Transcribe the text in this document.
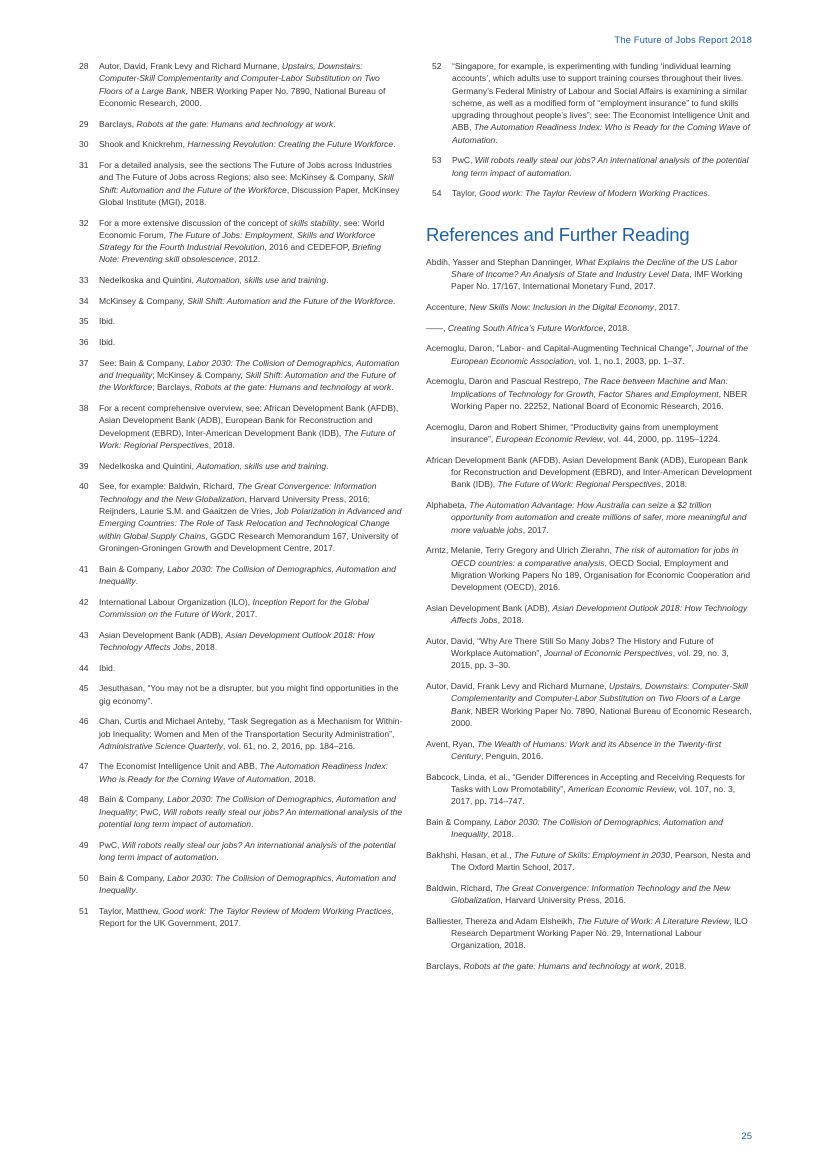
The Future of Jobs Report 2018
28	Autor, David, Frank Levy and Richard Murnane, Upstairs, Downstairs: Computer-Skill Complementarity and Computer-Labor Substitution on Two Floors of a Large Bank, NBER Working Paper No. 7890, National Bureau of Economic Research, 2000.
29	Barclays, Robots at the gate: Humans and technology at work.
30	Shook and Knickrehm, Harnessing Revolution: Creating the Future Workforce.
31	For a detailed analysis, see the sections The Future of Jobs across Industries and The Future of Jobs across Regions; also see: McKinsey & Company, Skill Shift: Automation and the Future of the Workforce, Discussion Paper, McKinsey Global Institute (MGI), 2018.
32	For a more extensive discussion of the concept of skills stability, see: World Economic Forum, The Future of Jobs: Employment, Skills and Workforce Strategy for the Fourth Industrial Revolution, 2016 and CEDEFOP, Briefing Note: Preventing skill obsolescence, 2012.
33	Nedelkoska and Quintini, Automation, skills use and training.
34	McKinsey & Company, Skill Shift: Automation and the Future of the Workforce.
35	Ibid.
36	Ibid.
37	See: Bain & Company, Labor 2030: The Collision of Demographics, Automation and Inequality; McKinsey & Company, Skill Shift: Automation and the Future of the Workforce; Barclays, Robots at the gate: Humans and technology at work.
38	For a recent comprehensive overview, see: African Development Bank (AFDB), Asian Development Bank (ADB), European Bank for Reconstruction and Development (EBRD), Inter-American Development Bank (IDB), The Future of Work: Regional Perspectives, 2018.
39	Nedelkoska and Quintini, Automation, skills use and training.
40	See, for example: Baldwin, Richard, The Great Convergence: Information Technology and the New Globalization, Harvard University Press, 2016; Reijnders, Laurie S.M. and Gaaitzen de Vries, Job Polarization in Advanced and Emerging Countries: The Role of Task Relocation and Technological Change within Global Supply Chains, GGDC Research Memorandum 167, University of Groningen-Groningen Growth and Development Centre, 2017.
41	Bain & Company, Labor 2030: The Collision of Demographics, Automation and Inequality.
42	International Labour Organization (ILO), Inception Report for the Global Commission on the Future of Work, 2017.
43	Asian Development Bank (ADB), Asian Development Outlook 2018: How Technology Affects Jobs, 2018.
44	Ibid.
45	Jesuthasan, “You may not be a disrupter, but you might find opportunities in the gig economy”.
46	Chan, Curtis and Michael Anteby, “Task Segregation as a Mechanism for Within-job Inequality: Women and Men of the Transportation Security Administration”, Administrative Science Quarterly, vol. 61, no. 2, 2016, pp. 184–216.
47	The Economist Intelligence Unit and ABB, The Automation Readiness Index: Who is Ready for the Coming Wave of Automation, 2018.
48	Bain & Company, Labor 2030: The Collision of Demographics, Automation and Inequality; PwC, Will robots really steal our jobs? An international analysis of the potential long term impact of automation.
49	PwC, Will robots really steal our jobs? An international analysis of the potential long term impact of automation.
50	Bain & Company, Labor 2030: The Collision of Demographics, Automation and Inequality.
51	Taylor, Matthew, Good work: The Taylor Review of Modern Working Practices, Report for the UK Government, 2017.
52	“Singapore, for example, is experimenting with funding ‘individual learning accounts’, which adults use to support training courses throughout their lives. Germany’s Federal Ministry of Labour and Social Affairs is examining a similar scheme, as well as a modified form of “employment insurance” to fund skills upgrading throughout people’s lives”; see: The Economist Intelligence Unit and ABB, The Automation Readiness Index: Who is Ready for the Coming Wave of Automation.
53	PwC, Will robots really steal our jobs? An international analysis of the potential long term impact of automation.
54	Taylor, Good work: The Taylor Review of Modern Working Practices.
References and Further Reading
Abdih, Yasser and Stephan Danninger, What Explains the Decline of the US Labor Share of Income? An Analysis of State and Industry Level Data, IMF Working Paper No. 17/167, International Monetary Fund, 2017.
Accenture, New Skills Now: Inclusion in the Digital Economy, 2017.
——, Creating South Africa’s Future Workforce, 2018.
Acemoglu, Daron, “Labor- and Capital-Augmenting Technical Change”, Journal of the European Economic Association, vol. 1, no.1, 2003, pp. 1–37.
Acemoglu, Daron and Pascual Restrepo, The Race between Machine and Man: Implications of Technology for Growth, Factor Shares and Employment, NBER Working Paper no. 22252, National Board of Economic Research, 2016.
Acemoglu, Daron and Robert Shimer, “Productivity gains from unemployment insurance”, European Economic Review, vol. 44, 2000, pp. 1195–1224.
African Development Bank (AFDB), Asian Development Bank (ADB), European Bank for Reconstruction and Development (EBRD), and Inter-American Development Bank (IDB), The Future of Work: Regional Perspectives, 2018.
Alphabeta, The Automation Advantage: How Australia can seize a $2 trillion opportunity from automation and create millions of safer, more meaningful and more valuable jobs, 2017.
Arntz, Melanie, Terry Gregory and Ulrich Zierahn, The risk of automation for jobs in OECD countries: a comparative analysis, OECD Social, Employment and Migration Working Papers No 189, Organisation for Economic Cooperation and Development (OECD), 2016.
Asian Development Bank (ADB), Asian Development Outlook 2018: How Technology Affects Jobs, 2018.
Autor, David, “Why Are There Still So Many Jobs? The History and Future of Workplace Automation”, Journal of Economic Perspectives, vol. 29, no. 3, 2015, pp. 3–30.
Autor, David, Frank Levy and Richard Murnane, Upstairs, Downstairs: Computer-Skill Complementarity and Computer-Labor Substitution on Two Floors of a Large Bank, NBER Working Paper No. 7890, National Bureau of Economic Research, 2000.
Avent, Ryan, The Wealth of Humans: Work and its Absence in the Twenty-first Century, Penguin, 2016.
Babcock, Linda, et al., “Gender Differences in Accepting and Receiving Requests for Tasks with Low Promotability”, American Economic Review, vol. 107, no. 3, 2017, pp. 714–747.
Bain & Company, Labor 2030: The Collision of Demographics, Automation and Inequality, 2018.
Bakhshi, Hasan, et al., The Future of Skills: Employment in 2030, Pearson, Nesta and The Oxford Martin School, 2017.
Baldwin, Richard, The Great Convergence: Information Technology and the New Globalization, Harvard University Press, 2016.
Balliester, Thereza and Adam Elsheikh, The Future of Work: A Literature Review, ILO Research Department Working Paper No. 29, International Labour Organization, 2018.
Barclays, Robots at the gate: Humans and technology at work, 2018.
25
